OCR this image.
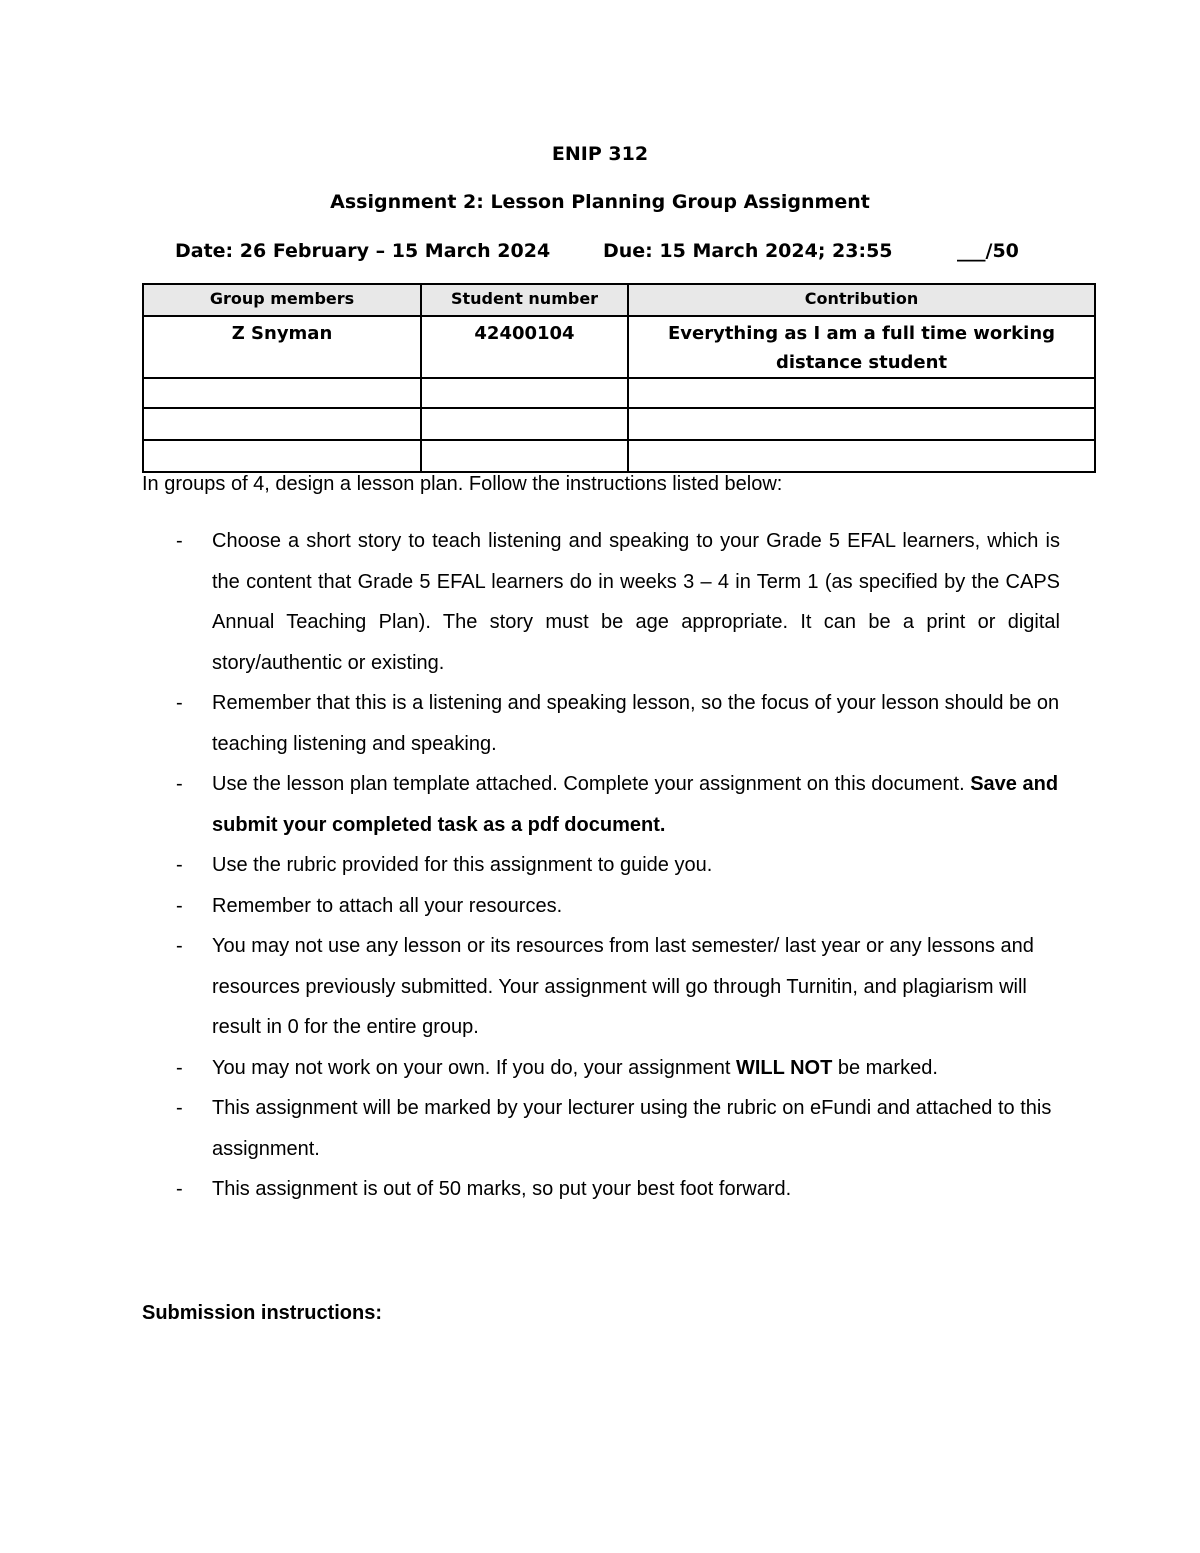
ENIP 312
Assignment 2: Lesson Planning Group Assignment
Date: 26 February – 15 March 2024	Due: 15 March 2024; 23:55	___/50
Group members	Student number	Contribution
Z Snyman	42400104	Everything as I am a full time working distance student

In groups of 4, design a lesson plan. Follow the instructions listed below:
- Choose a short story to teach listening and speaking to your Grade 5 EFAL learners, which is the content that Grade 5 EFAL learners do in weeks 3 – 4 in Term 1 (as specified by the CAPS Annual Teaching Plan). The story must be age appropriate. It can be a print or digital story/authentic or existing.
- Remember that this is a listening and speaking lesson, so the focus of your lesson should be on teaching listening and speaking.
- Use the lesson plan template attached. Complete your assignment on this document. Save and submit your completed task as a pdf document.
- Use the rubric provided for this assignment to guide you.
- Remember to attach all your resources.
- You may not use any lesson or its resources from last semester/ last year or any lessons and resources previously submitted. Your assignment will go through Turnitin, and plagiarism will result in 0 for the entire group.
- You may not work on your own. If you do, your assignment WILL NOT be marked.
- This assignment will be marked by your lecturer using the rubric on eFundi and attached to this assignment.
- This assignment is out of 50 marks, so put your best foot forward.
Submission instructions:
